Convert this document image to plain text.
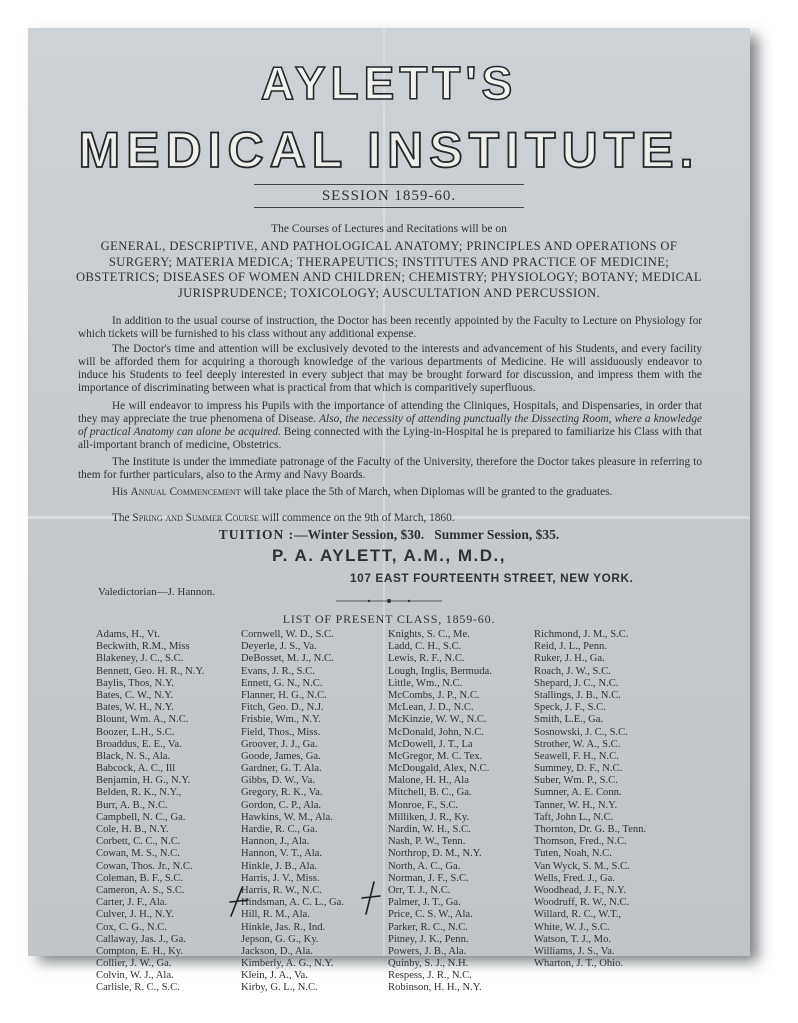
AYLETT'S
MEDICAL INSTITUTE.
SESSION 1859-60.
The Courses of Lectures and Recitations will be on
GENERAL, DESCRIPTIVE, AND PATHOLOGICAL ANATOMY; PRINCIPLES AND OPERATIONS OF SURGERY; MATERIA MEDICA; THERAPEUTICS; INSTITUTES AND PRACTICE OF MEDICINE; OBSTETRICS; DISEASES OF WOMEN AND CHILDREN; CHEMISTRY; PHYSIOLOGY; BOTANY; MEDICAL JURISPRUDENCE; TOXICOLOGY; AUSCULTATION AND PERCUSSION.
In addition to the usual course of instruction, the Doctor has been recently appointed by the Faculty to Lecture on Physiology for which tickets will be furnished to his class without any additional expense.
The Doctor's time and attention will be exclusively devoted to the interests and advancement of his Students, and every facility will be afforded them for acquiring a thorough knowledge of the various departments of Medicine. He will assiduously endeavor to induce his Students to feel deeply interested in every subject that may be brought forward for discussion, and impress them with the importance of discriminating between what is practical from that which is comparitively superfluous.
He will endeavor to impress his Pupils with the importance of attending the Cliniques, Hospitals, and Dispensaries, in order that they may appreciate the true phenomena of Disease. Also, the necessity of attending punctually the Dissecting Room, where a knowledge of practical Anatomy can alone be acquired. Being connected with the Lying-in-Hospital he is prepared to familiarize his Class with that all-important branch of medicine, Obstetrics.
The Institute is under the immediate patronage of the Faculty of the University, therefore the Doctor takes pleasure in referring to them for further particulars, also to the Army and Navy Boards.
His Annual Commencement will take place the 5th of March, when Diplomas will be granted to the graduates.
The Spring and Summer Course will commence on the 9th of March, 1860.
TUITION :—Winter Session, $30. Summer Session, $35.
P. A. AYLETT, A.M., M.D.,
107 EAST FOURTEENTH STREET, NEW YORK.
Valedictorian—J. Hannon.
LIST OF PRESENT CLASS, 1859-60.
Adams, H., Vt.
Beckwith, R.M., Miss
Blakeney, J. C., S.C.
Bennett, Geo. H. R., N.Y.
Baylis, Thos, N.Y.
Bates, C. W., N.Y.
Bates, W. H., N.Y.
Blount, Wm. A., N.C.
Boozer, L.H., S.C.
Broaddus, E. E., Va.
Black, N. S., Ala.
Babcock, A. C., Ill
Benjamin, H. G., N.Y.
Belden, R. K., N.Y.,
Burr, A. B., N.C.
Campbell, N. C., Ga.
Cole, H. B., N.Y.
Corbett, C. C., N.C.
Cowan, M. S., N.C.
Cowan, Thos. Jr., N.C.
Coleman, B. F., S.C.
Cameron, A. S., S.C.
Carter, J. F., Ala.
Culver, J. H., N.Y.
Cox, C. G., N.C.
Callaway, Jas. J., Ga.
Compton, E. H., Ky.
Collier, J. W., Ga.
Colvin, W. J., Ala.
Carlisle, R. C., S.C.
Cornwell, W. D., S.C.
Deyerle, J. S., Va.
DeBosset, M. J., N.C.
Evans, J. R., S.C.
Ennett, G. N., N.C.
Flanner, H. G., N.C.
Fitch, Geo. D., N.J.
Frisbie, Wm., N.Y.
Field, Thos., Miss.
Groover, J. J., Ga.
Goode, James, Ga.
Gardner, G. T. Ala.
Gibbs, D. W., Va.
Gregory, R. K., Va.
Gordon, C. P., Ala.
Hawkins, W. M., Ala.
Hardie, R. C., Ga.
Hannon, J., Ala.
Hannon, V. T., Ala.
Hinkle, J. B., Ala.
Harris, J. V., Miss.
Harris, R. W., N.C.
Hindsman, A. C. L., Ga.
Hill, R. M., Ala.
Hinkle, Jas. R., Ind.
Jepson, G. G., Ky.
Jackson, D., Ala.
Kimberly, A. G., N.Y.
Klein, J. A., Va.
Kirby, G. L., N.C.
Knights, S. C., Me.
Ladd, C. H., S.C.
Lewis, R. F., N.C.
Lough, Inglis, Bermuda.
Little, Wm., N.C.
McCombs, J. P., N.C.
McLean, J. D., N.C.
McKinzie, W. W., N.C.
McDonald, John, N.C.
McDowell, J. T., La
McGregor, M. C. Tex.
McDougald, Alex, N.C.
Malone, H. H., Ala
Mitchell, B. C., Ga.
Monroe, F., S.C.
Milliken, J. R., Ky.
Nardin, W. H., S.C.
Nash, P. W., Tenn.
Northrop, D. M., N.Y.
North, A. C., Ga.
Norman, J. F., S.C.
Orr, T. J., N.C.
Palmer, J. T., Ga.
Price, C. S. W., Ala.
Parker, R. C., N.C.
Pitney, J. K., Penn.
Powers, J. B., Ala.
Quinby, S. J., N.H.
Respess, J. R., N.C.
Robinson, H. H., N.Y.
Richmond, J. M., S.C.
Reid, J. L., Penn.
Ruker, J. H., Ga.
Roach, J. W., S.C.
Shepard, J. C., N.C.
Stallings, J. B., N.C.
Speck, J. F., S.C.
Smith, L.E., Ga.
Sosnowski, J. C., S.C.
Strother, W. A., S.C.
Seawell, F. H., N.C.
Summey, D. F., N.C.
Suber, Wm. P., S.C.
Sumner, A. E. Conn.
Tanner, W. H., N.Y.
Taft, John L., N.C.
Thornton, Dr. G. B., Tenn.
Thomson, Fred., N.C.
Tuten, Noah, N.C.
Van Wyck, S. M., S.C.
Wells, Fred. J., Ga.
Woodhead, J. F., N.Y.
Woodruff, R. W., N.C.
Willard, R. C., W.T.,
White, W. J., S.C.
Watson, T. J., Mo.
Williams, J. S., Va.
Wharton, J. T., Ohio.
